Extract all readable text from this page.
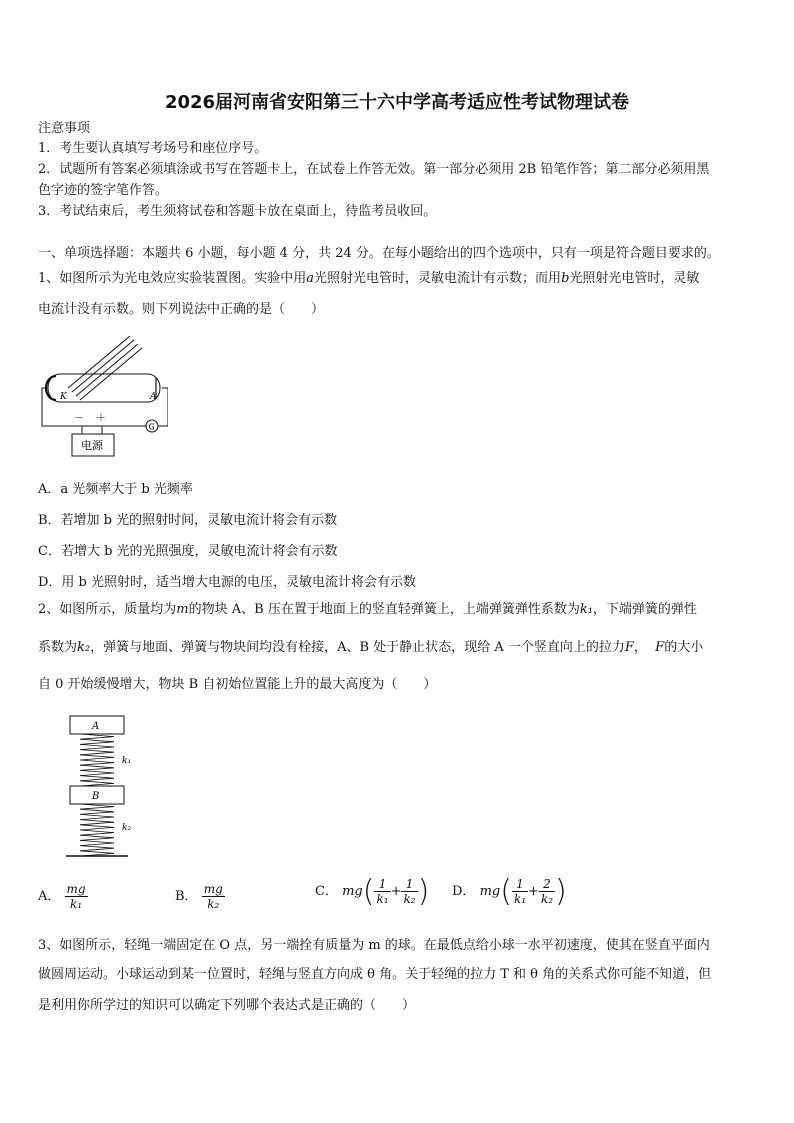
2026届河南省安阳第三十六中学高考适应性考试物理试卷
注意事项
1．考生要认真填写考场号和座位序号。
2．试题所有答案必须填涂或书写在答题卡上，在试卷上作答无效。第一部分必须用 2B 铅笔作答；第二部分必须用黑
色字迹的签字笔作答。
3．考试结束后，考生须将试卷和答题卡放在桌面上，待监考员收回。
一、单项选择题：本题共 6 小题，每小题 4 分，共 24 分。在每小题给出的四个选项中，只有一项是符合题目要求的。
1、如图所示为光电效应实验装置图。实验中用a光照射光电管时，灵敏电流计有示数；而用b光照射光电管时，灵敏
电流计没有示数。则下列说法中正确的是（　　）
K	A
G
－ ＋
电源
A．a 光频率大于 b 光频率
B．若增加 b 光的照射时间，灵敏电流计将会有示数
C．若增大 b 光的光照强度，灵敏电流计将会有示数
D．用 b 光照射时，适当增大电源的电压，灵敏电流计将会有示数
2、如图所示，质量均为m的物块 A、B 压在置于地面上的竖直轻弹簧上，上端弹簧弹性系数为k₁，下端弹簧的弹性
系数为k₂，弹簧与地面、弹簧与物块间均没有栓接，A、B 处于静止状态，现给 A 一个竖直向上的拉力F， F的大小
自 0 开始缓慢增大，物块 B 自初始位置能上升的最大高度为（　　）
A
B
k₁
k₂
A． $\frac{mg}{\text{k₁}}$	B． $\frac{mg}{\text{k₂}}$	C． $mg( \frac{1}{\text{k₁}} + \frac{1}{\text{k₂}}$ ) D． $mg( \frac{1}{\text{k₁}} + \frac{2}{\text{k₂}}$ )
3、如图所示，轻绳一端固定在 O 点，另一端拴有质量为 m 的球。在最低点给小球一水平初速度，使其在竖直平面内
做圆周运动。小球运动到某一位置时，轻绳与竖直方向成 θ 角。关于轻绳的拉力 T 和 θ 角的关系式你可能不知道，但
是利用你所学过的知识可以确定下列哪个表达式是正确的（　　）
